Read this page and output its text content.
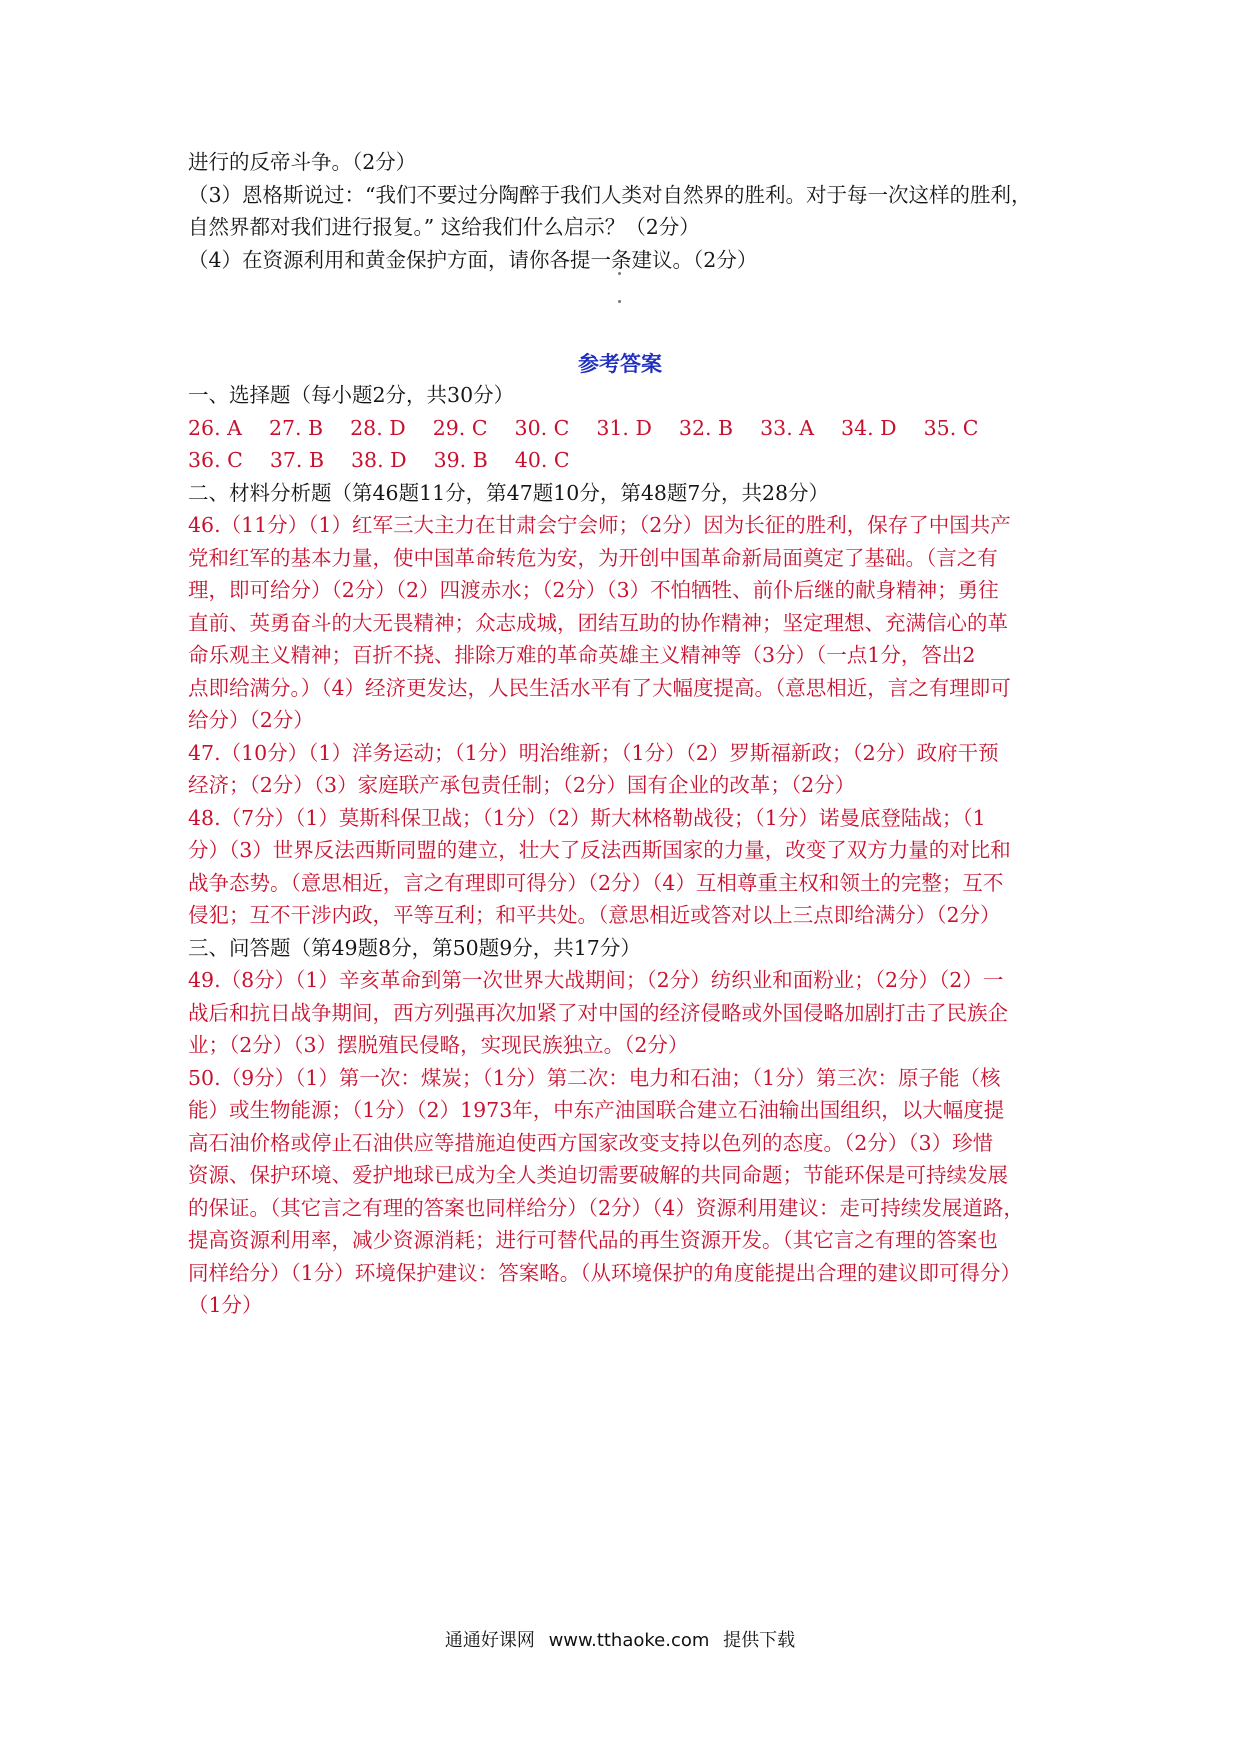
进行的反帝斗争。（2分）
（3）恩格斯说过：“我们不要过分陶醉于我们人类对自然界的胜利。对于每一次这样的胜利，
自然界都对我们进行报复。” 这给我们什么启示？（2分）
（4）在资源利用和黄金保护方面，请你各提一条建议。（2分）
参考答案
一、选择题（每小题2分，共30分）
26. A　 27. B　 28. D　 29. C　 30. C　 31. D　 32. B　 33. A　 34. D　 35. C
36. C　 37. B　 38. D　 39. B　 40. C
二、材料分析题（第46题11分，第47题10分，第48题7分，共28分）
46.（11分）（1）红军三大主力在甘肃会宁会师；（2分）因为长征的胜利，保存了中国共产
党和红军的基本力量，使中国革命转危为安，为开创中国革命新局面奠定了基础。（言之有
理，即可给分）（2分）（2）四渡赤水；（2分）（3）不怕牺牲、前仆后继的献身精神；勇往
直前、英勇奋斗的大无畏精神；众志成城，团结互助的协作精神；坚定理想、充满信心的革
命乐观主义精神；百折不挠、排除万难的革命英雄主义精神等（3分）（一点1分，答出2
点即给满分。）（4）经济更发达，人民生活水平有了大幅度提高。（意思相近，言之有理即可
给分）（2分）
47.（10分）（1）洋务运动；（1分）明治维新；（1分）（2）罗斯福新政；（2分）政府干预
经济；（2分）（3）家庭联产承包责任制；（2分）国有企业的改革；（2分）
48.（7分）（1）莫斯科保卫战；（1分）（2）斯大林格勒战役；（1分）诺曼底登陆战；（1
分）（3）世界反法西斯同盟的建立，壮大了反法西斯国家的力量，改变了双方力量的对比和
战争态势。（意思相近，言之有理即可得分）（2分）（4）互相尊重主权和领土的完整；互不
侵犯；互不干涉内政，平等互利；和平共处。（意思相近或答对以上三点即给满分）（2分）
三、问答题（第49题8分，第50题9分，共17分）
49.（8分）（1）辛亥革命到第一次世界大战期间；（2分）纺织业和面粉业；（2分）（2）一
战后和抗日战争期间，西方列强再次加紧了对中国的经济侵略或外国侵略加剧打击了民族企
业；（2分）（3）摆脱殖民侵略，实现民族独立。（2分）
50.（9分）（1）第一次：煤炭；（1分）第二次：电力和石油；（1分）第三次：原子能（核
能）或生物能源；（1分）（2）1973年，中东产油国联合建立石油输出国组织，以大幅度提
高石油价格或停止石油供应等措施迫使西方国家改变支持以色列的态度。（2分）（3）珍惜
资源、保护环境、爱护地球已成为全人类迫切需要破解的共同命题；节能环保是可持续发展
的保证。（其它言之有理的答案也同样给分）（2分）（4）资源利用建议：走可持续发展道路，
提高资源利用率，减少资源消耗；进行可替代品的再生资源开发。（其它言之有理的答案也
同样给分）（1分）环境保护建议：答案略。（从环境保护的角度能提出合理的建议即可得分）
（1分）
通通好课网 www.tthaoke.com 提供下载
